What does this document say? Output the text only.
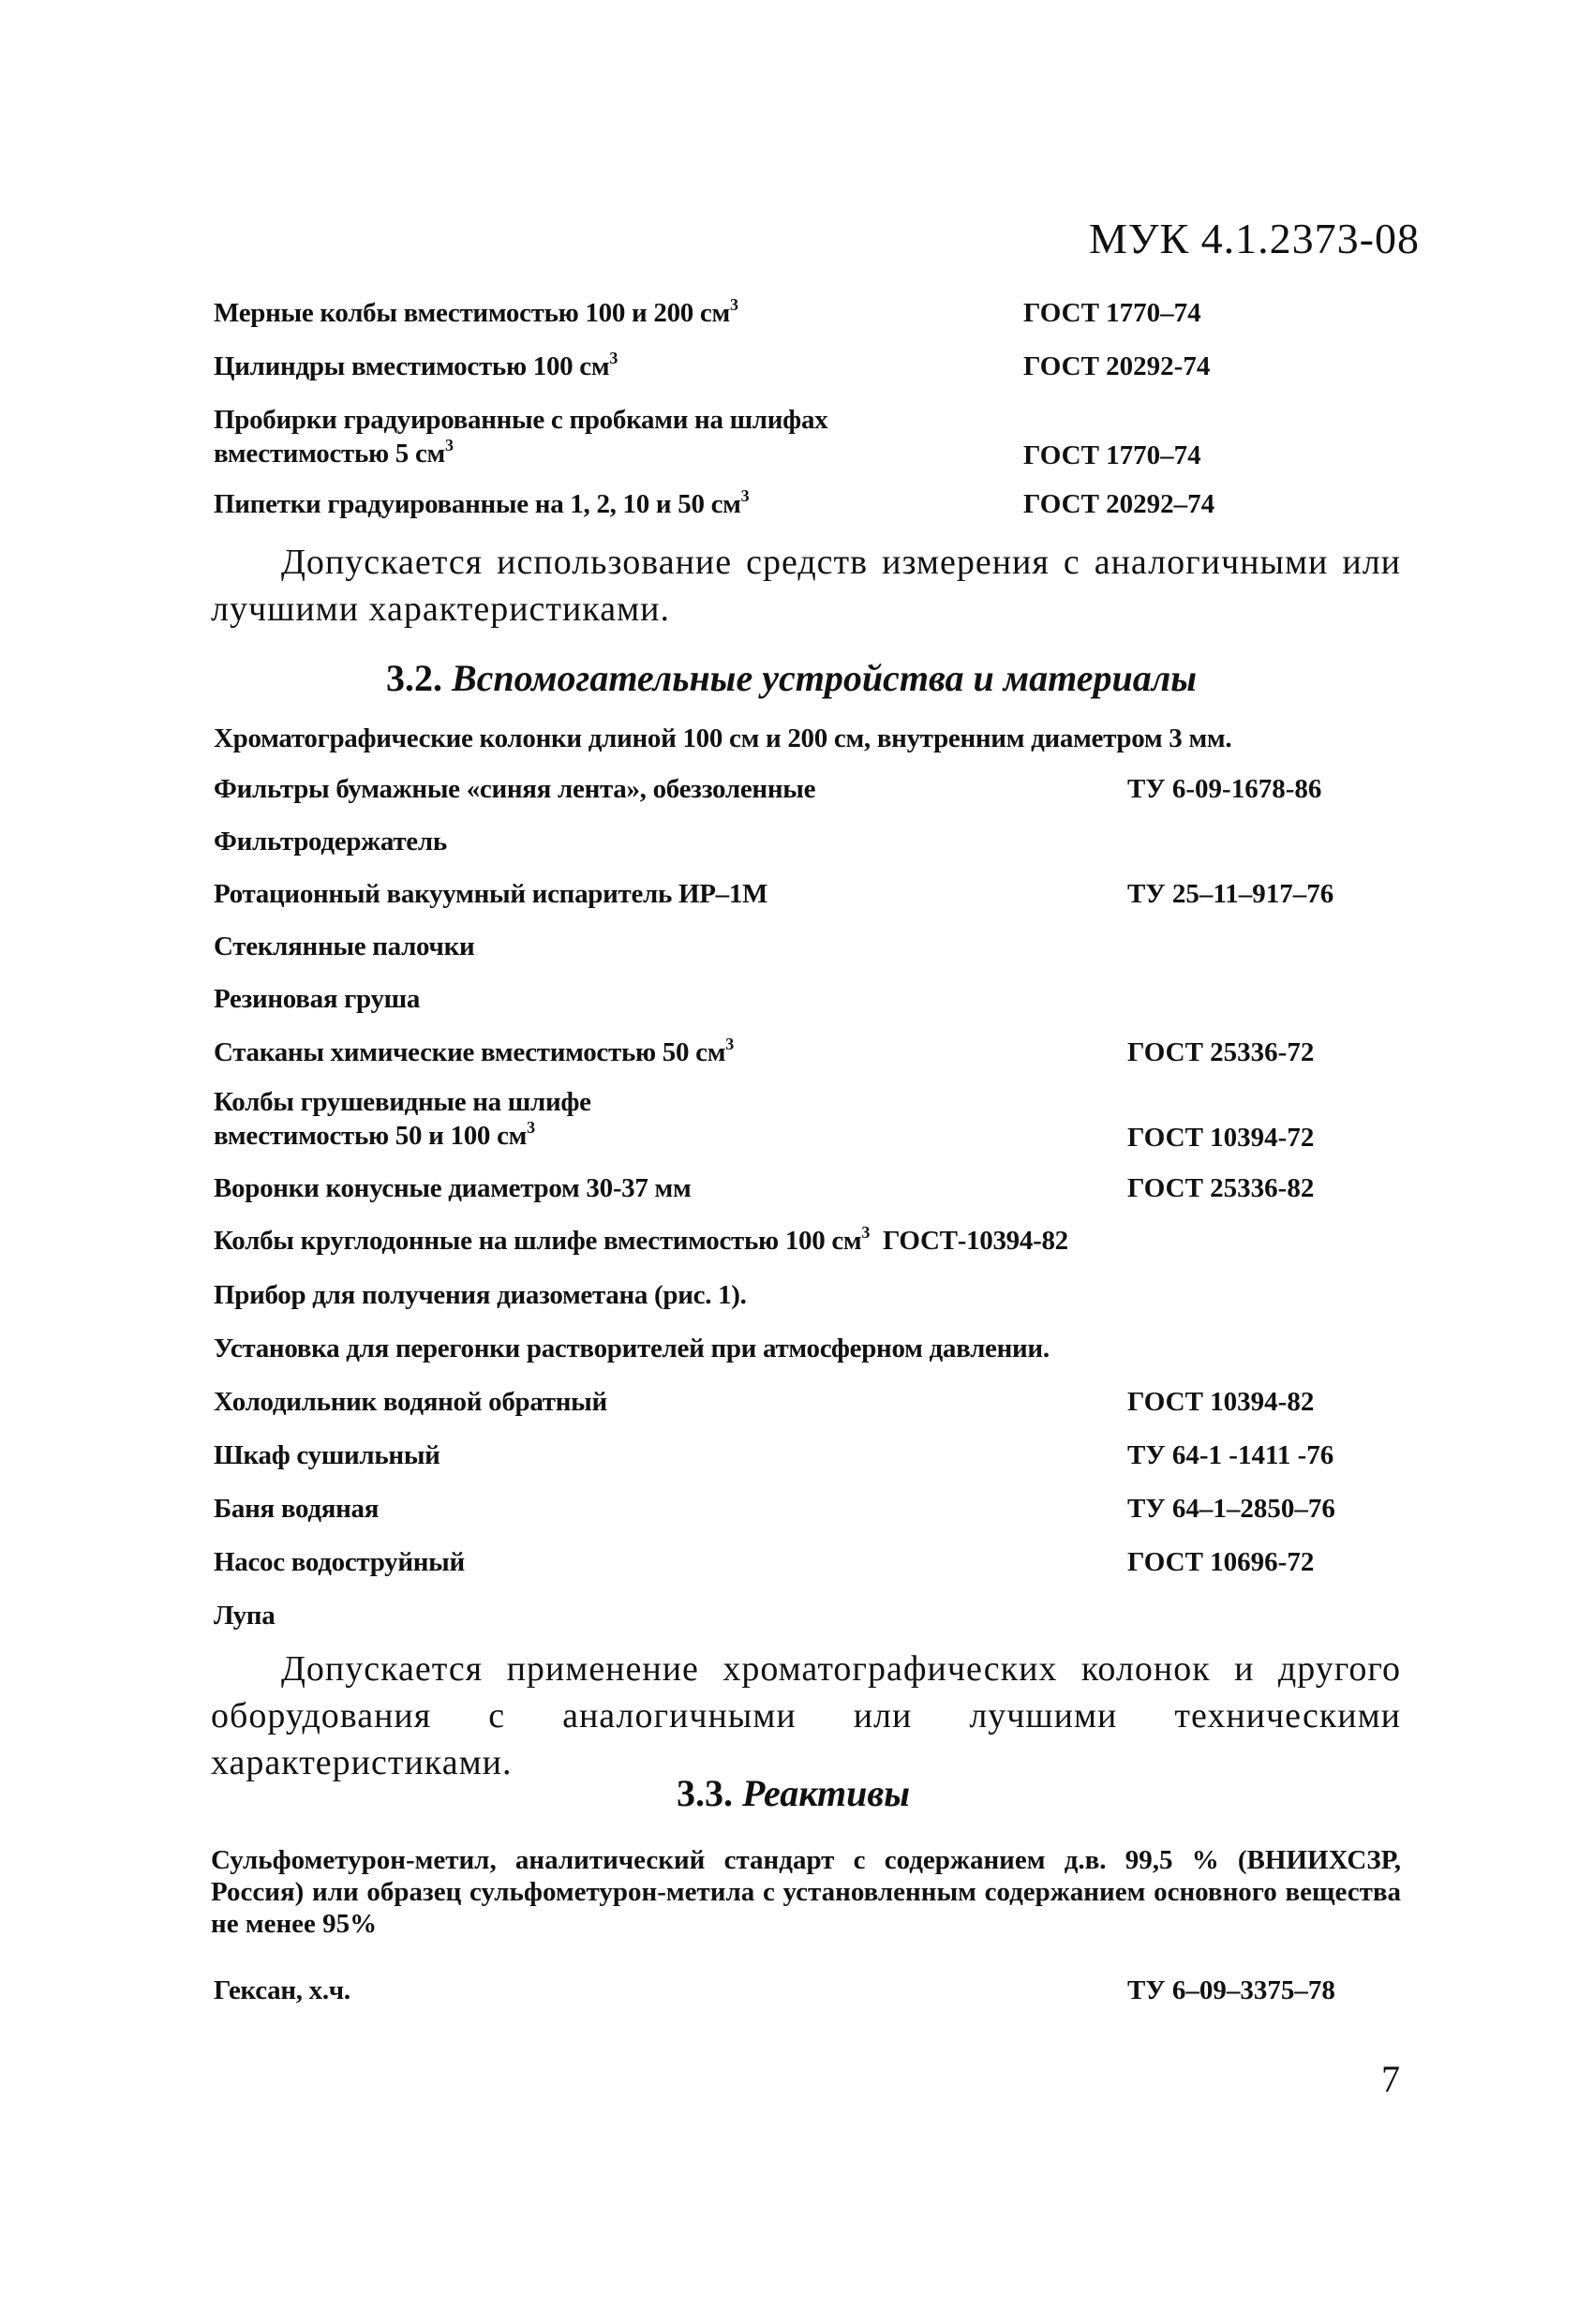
МУК 4.1.2373-08
Мерные колбы вместимостью 100 и 200 $см^3$	ГОСТ 1770–74
Цилиндры вместимостью 100 $см^3$	ГОСТ 20292-74
Пробирки градуированные с пробками на шлифах
вместимостью 5 $см^3$	ГОСТ 1770–74
Пипетки градуированные на 1, 2, 10 и 50 $см^3$	ГОСТ 20292–74
Допускается использование средств измерения с аналогичными или лучшими характеристиками.
3.2. Вспомогательные устройства и материалы
Хроматографические колонки длиной 100 см и 200 см, внутренним диаметром 3 мм.
Фильтры бумажные «синяя лента», обеззоленные	ТУ 6-09-1678-86
Фильтродержатель
Ротационный вакуумный испаритель ИР–1М	ТУ 25–11–917–76
Стеклянные палочки
Резиновая груша
Стаканы химические вместимостью 50 $см^3$	ГОСТ 25336-72
Колбы грушевидные на шлифе
вместимостью 50 и 100 $см^3$	ГОСТ 10394-72
Воронки конусные диаметром 30-37 мм	ГОСТ 25336-82
Колбы круглодонные на шлифе вместимостью 100 $см^3$ ГОСТ-10394-82
Прибор для получения диазометана (рис. 1).
Установка для перегонки растворителей при атмосферном давлении.
Холодильник водяной обратный	ГОСТ 10394-82
Шкаф сушильный	ТУ 64-1 -1411 -76
Баня водяная	ТУ 64–1–2850–76
Насос водоструйный	ГОСТ 10696-72
Лупа
Допускается применение хроматографических колонок и другого оборудования с аналогичными или лучшими техническими характеристиками.
3.3. Реактивы
Сульфометурон-метил, аналитический стандарт с содержанием д.в. 99,5 % (ВНИИХСЗР, Россия) или образец сульфометурон-метила с установленным содержанием основного вещества не менее 95%
Гексан, х.ч.	ТУ 6–09–3375–78
7
